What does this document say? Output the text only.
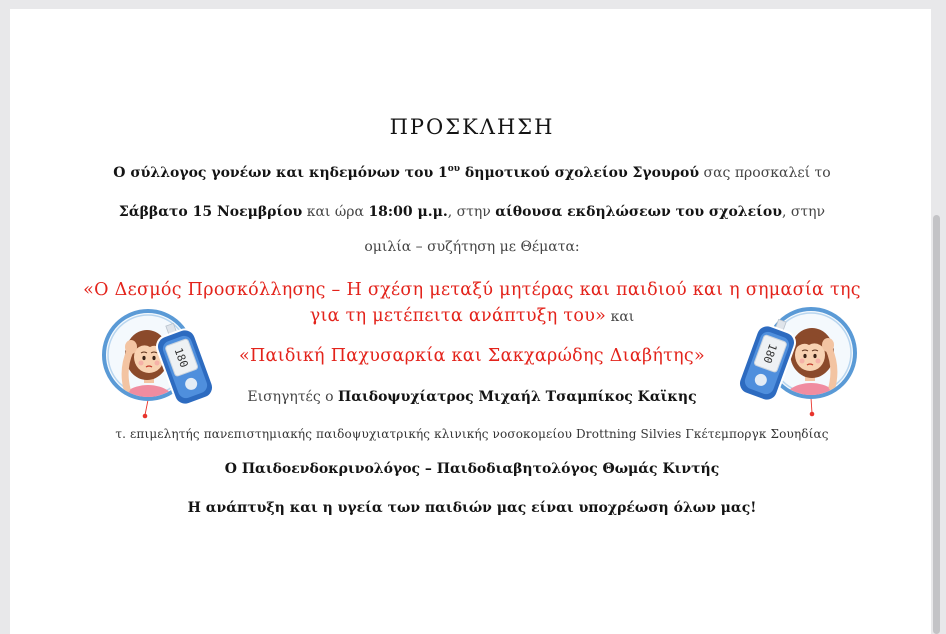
ΠΡΟΣΚΛΗΣΗ
Ο σύλλογος γονέων και κηδεμόνων του $1^{o\upsilon}$ δημοτικού σχολείου Σγουρού σας προσκαλεί το
Σάββατο 15 Νοεμβρίου και ώρα 18:00 μ.μ., στην αίθουσα εκδηλώσεων του σχολείου, στην
ομιλία – συζήτηση με Θέματα:
«Ο Δεσμός Προσκόλλησης – Η σχέση μεταξύ μητέρας και παιδιού και η σημασία της
για τη μετέπειτα ανάπτυξη του» και
«Παιδική Παχυσαρκία και Σακχαρώδης Διαβήτης»
Εισηγητές ο Παιδοψυχίατρος Μιχαήλ Τσαμπίκος Καϊκης
τ. επιμελητής πανεπιστημιακής παιδοψυχιατρικής κλινικής νοσοκομείου Drottning Silvies Γκέτεμποργκ Σουηδίας
Ο Παιδοενδοκρινολόγος – Παιδοδιαβητολόγος Θωμάς Κιντής
Η ανάπτυξη και η υγεία των παιδιών μας είναι υποχρέωση όλων μας!
180	180
